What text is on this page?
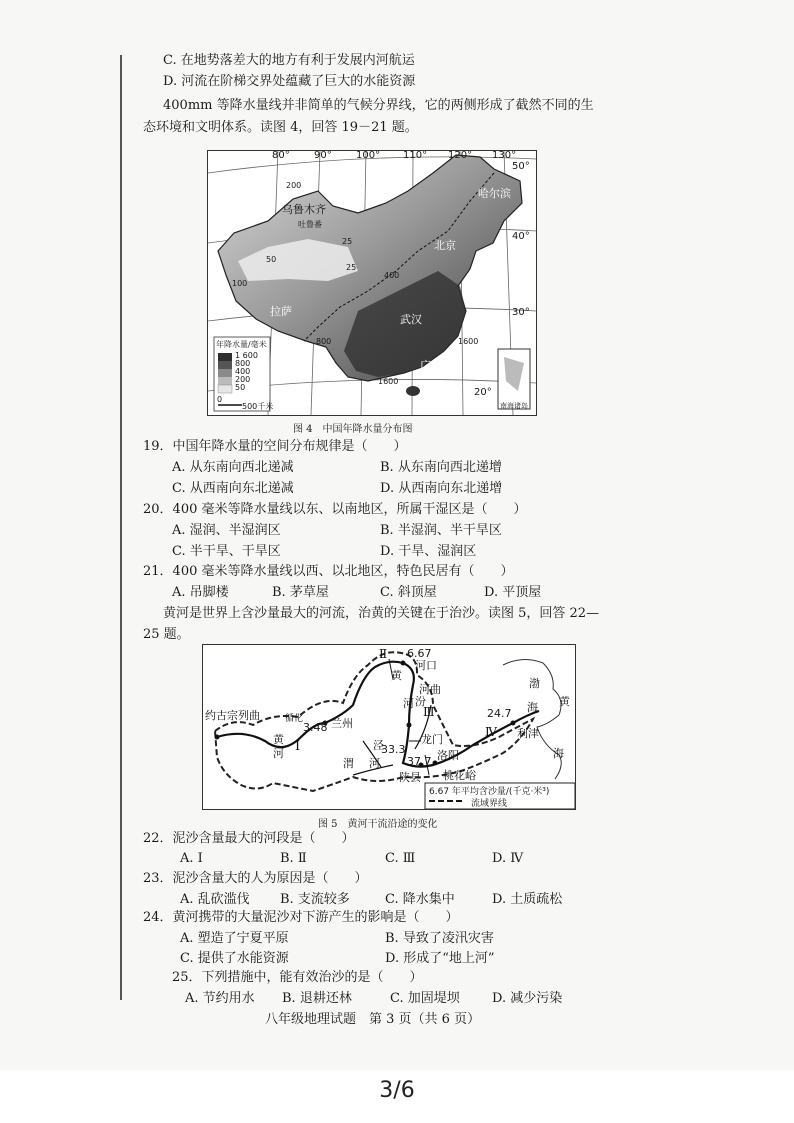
C. 在地势落差大的地方有利于发展内河航运
D. 河流在阶梯交界处蕴藏了巨大的水能资源
400mm 等降水量线并非简单的气候分界线，它的两侧形成了截然不同的生
态环境和文明体系。读图 4，回答 19－21 题。
80° 90° 100° 110° 120° 130°
50°
40°
30°
20°
乌鲁木齐
哈尔滨
北京
拉萨
武汉
广州
吐鲁番
200
50
25
100
400
800	1600
1600
25
年降水量/毫米
1 600
800
400
200
50
0
500千米	南海诸岛
图 4　中国年降水量分布图
19．中国年降水量的空间分布规律是（　　）
A. 从东南向西北递减	B. 从东南向西北递增
C. 从西南向东北递减	D. 从西南向东北递增
20．400 毫米等降水量线以东、以南地区，所属干湿区是（　　）
A. 湿润、半湿润区	B. 半湿润、半干旱区
C. 半干旱、干旱区	D. 干旱、湿润区
21．400 毫米等降水量线以西、以北地区，特色民居有（　　）
A. 吊脚楼	B. 茅草屋	C. 斜顶屋	D. 平顶屋
黄河是世界上含沙量最大的河流，治黄的关键在于治沙。读图 5，回答 22—
25 题。
约古宗列曲
兰州
河口
河曲
龙门
洛阳
陕县 桃花峪
利津
泾
渭 河
黄
渤
海 黄
海
循化
汾
河
黄
河 I
Ⅱ
Ⅲ
Ⅳ
6.67
3.48
33.3
37.7
24.7
6.67 年平均含沙量/(千克·米³)
流域界线
图 5　黄河干流沿途的变化
22．泥沙含量最大的河段是（　　）
A. Ⅰ	B. Ⅱ	C. Ⅲ	D. Ⅳ
23．泥沙含量大的人为原因是（　　）
A. 乱砍滥伐 B. 支流较多	C. 降水集中	D. 土质疏松
24．黄河携带的大量泥沙对下游产生的影响是（　　）
A. 塑造了宁夏平原	B. 导致了凌汛灾害
C. 提供了水能资源	D. 形成了“地上河”
25．下列措施中，能有效治沙的是（　　）
A. 节约用水 B. 退耕还林	C. 加固堤坝 D. 减少污染
八年级地理试题　第 3 页（共 6 页）
3/6
